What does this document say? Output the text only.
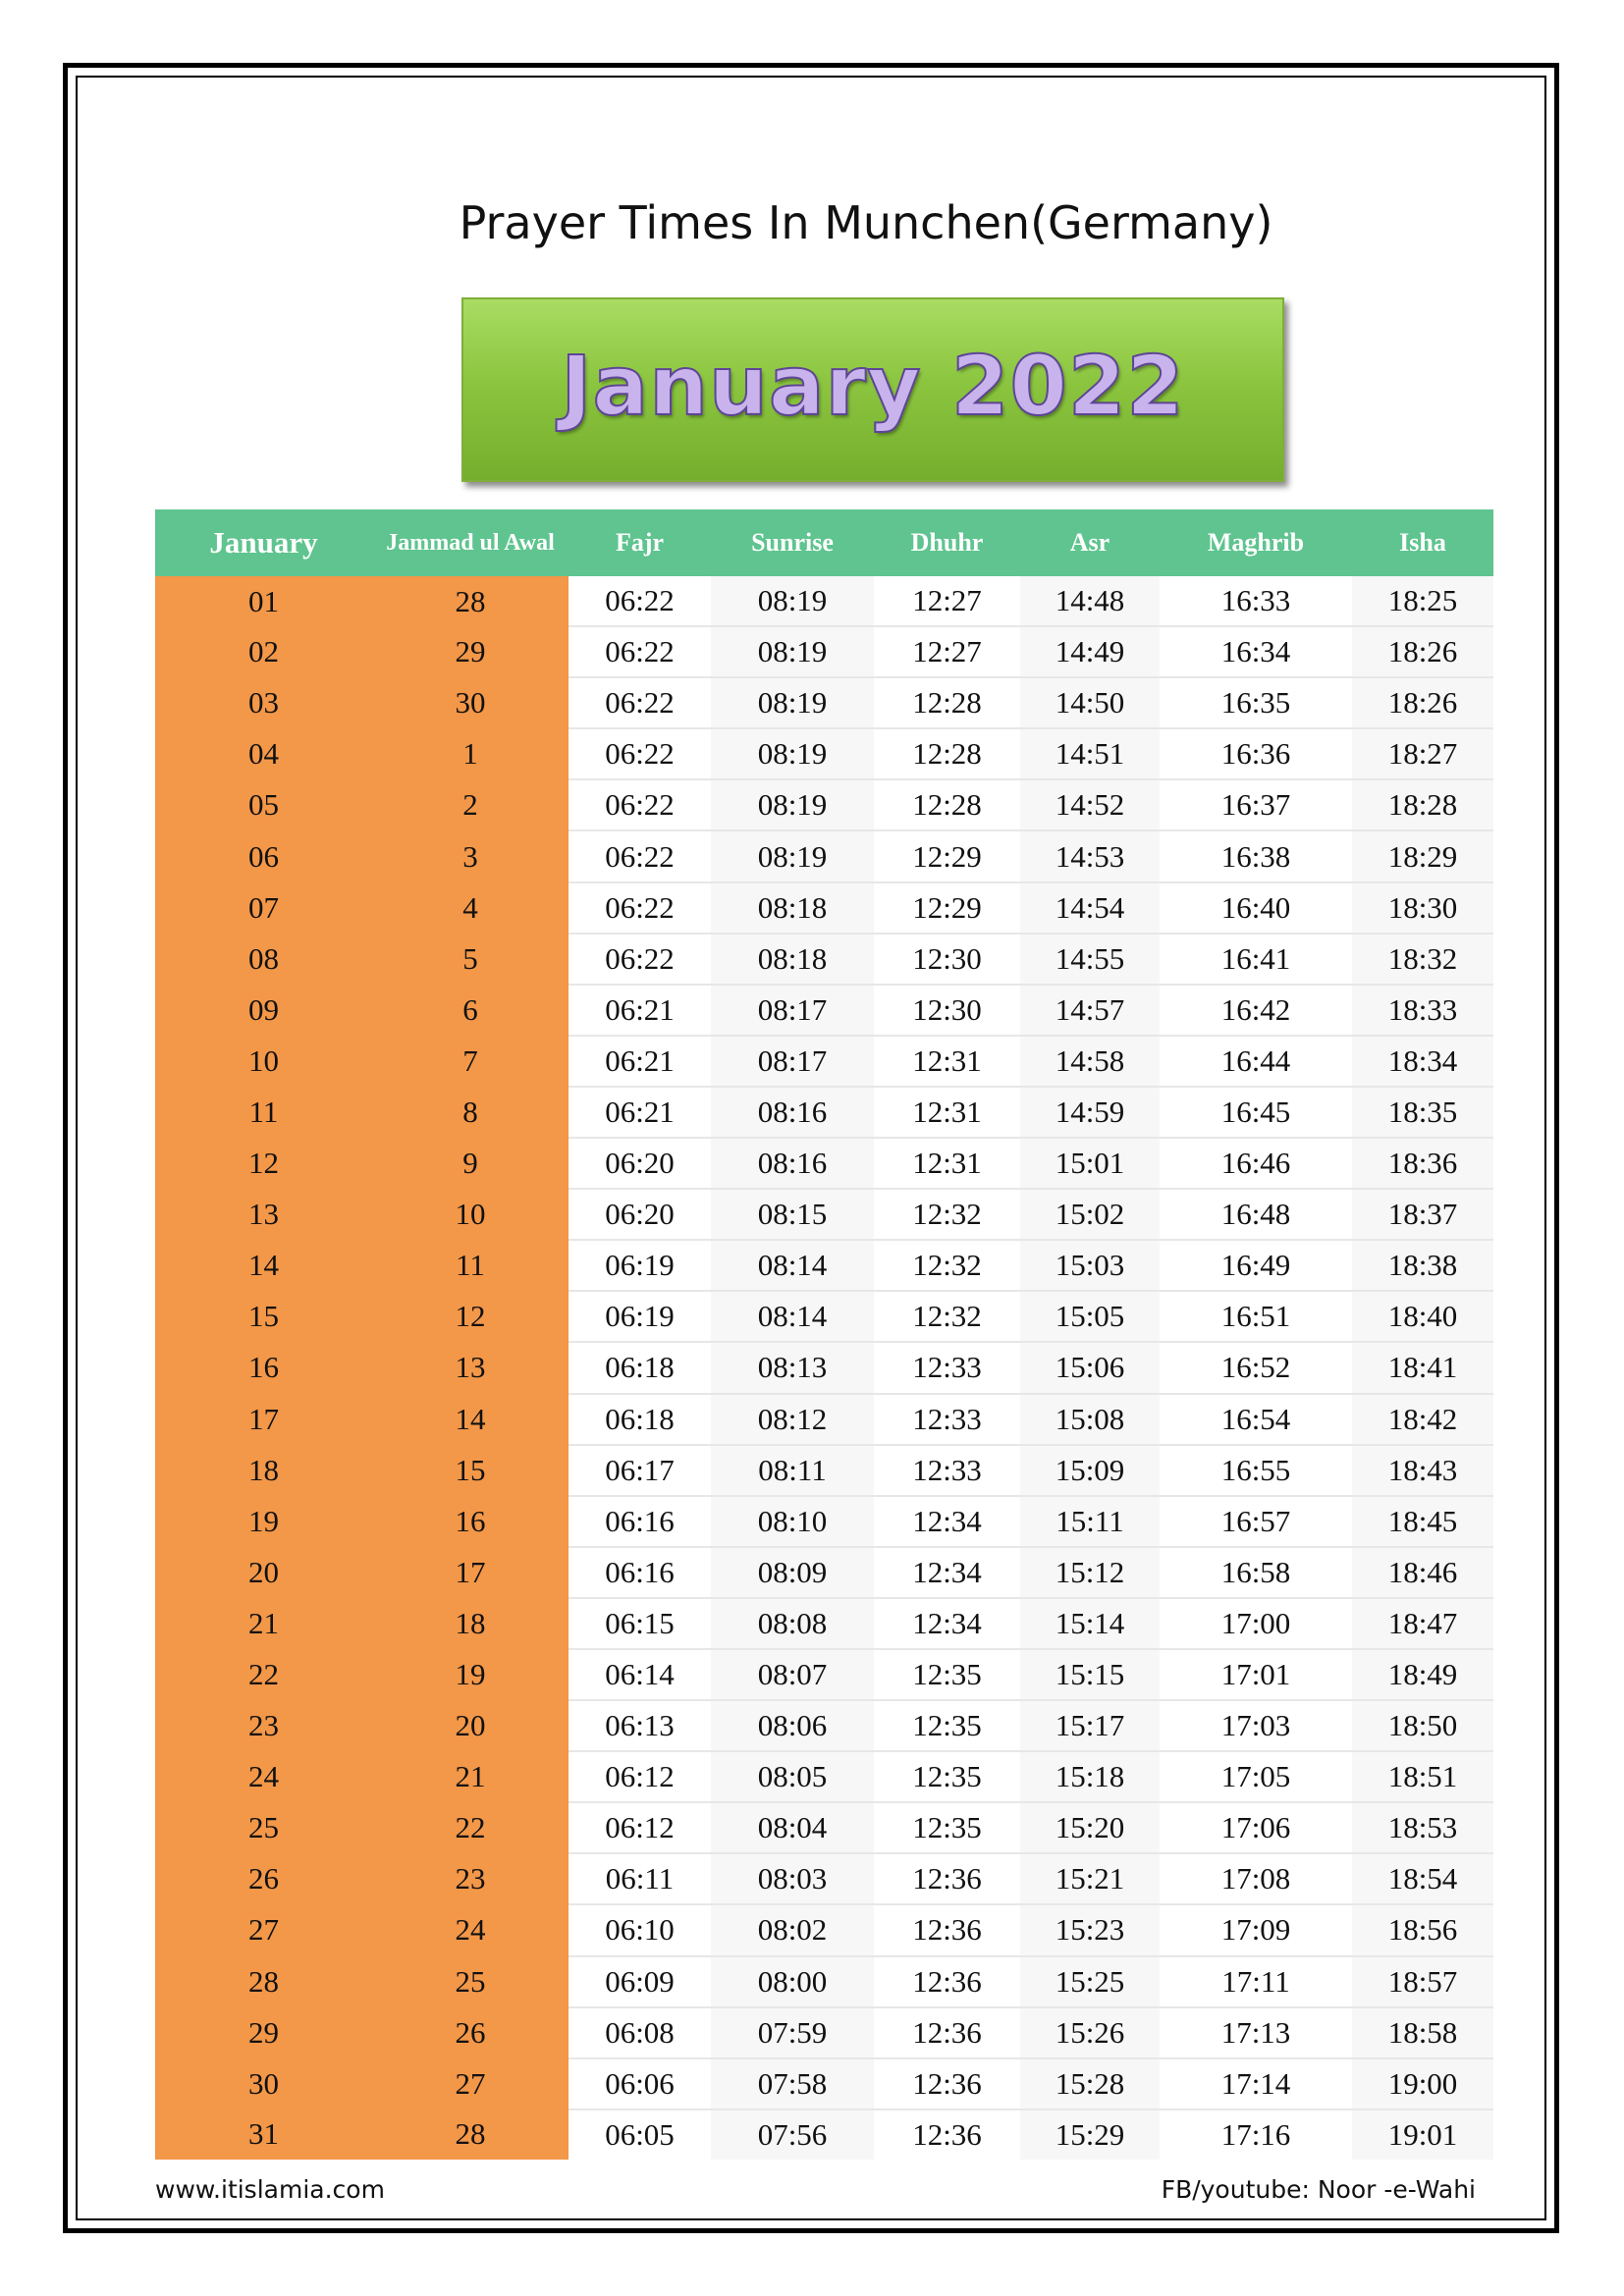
Prayer Times In Munchen(Germany)
January 2022
January	Jammad ul Awal	Fajr	Sunrise	Dhuhr	Asr	Maghrib	Isha
01	28	06:22	08:19	12:27	14:48	16:33	18:25
02	29	06:22	08:19	12:27	14:49	16:34	18:26
03	30	06:22	08:19	12:28	14:50	16:35	18:26
04	1	06:22	08:19	12:28	14:51	16:36	18:27
05	2	06:22	08:19	12:28	14:52	16:37	18:28
06	3	06:22	08:19	12:29	14:53	16:38	18:29
07	4	06:22	08:18	12:29	14:54	16:40	18:30
08	5	06:22	08:18	12:30	14:55	16:41	18:32
09	6	06:21	08:17	12:30	14:57	16:42	18:33
10	7	06:21	08:17	12:31	14:58	16:44	18:34
11	8	06:21	08:16	12:31	14:59	16:45	18:35
12	9	06:20	08:16	12:31	15:01	16:46	18:36
13	10	06:20	08:15	12:32	15:02	16:48	18:37
14	11	06:19	08:14	12:32	15:03	16:49	18:38
15	12	06:19	08:14	12:32	15:05	16:51	18:40
16	13	06:18	08:13	12:33	15:06	16:52	18:41
17	14	06:18	08:12	12:33	15:08	16:54	18:42
18	15	06:17	08:11	12:33	15:09	16:55	18:43
19	16	06:16	08:10	12:34	15:11	16:57	18:45
20	17	06:16	08:09	12:34	15:12	16:58	18:46
21	18	06:15	08:08	12:34	15:14	17:00	18:47
22	19	06:14	08:07	12:35	15:15	17:01	18:49
23	20	06:13	08:06	12:35	15:17	17:03	18:50
24	21	06:12	08:05	12:35	15:18	17:05	18:51
25	22	06:12	08:04	12:35	15:20	17:06	18:53
26	23	06:11	08:03	12:36	15:21	17:08	18:54
27	24	06:10	08:02	12:36	15:23	17:09	18:56
28	25	06:09	08:00	12:36	15:25	17:11	18:57
29	26	06:08	07:59	12:36	15:26	17:13	18:58
30	27	06:06	07:58	12:36	15:28	17:14	19:00
31	28	06:05	07:56	12:36	15:29	17:16	19:01
www.itislamia.com	FB/youtube: Noor -e-Wahi
